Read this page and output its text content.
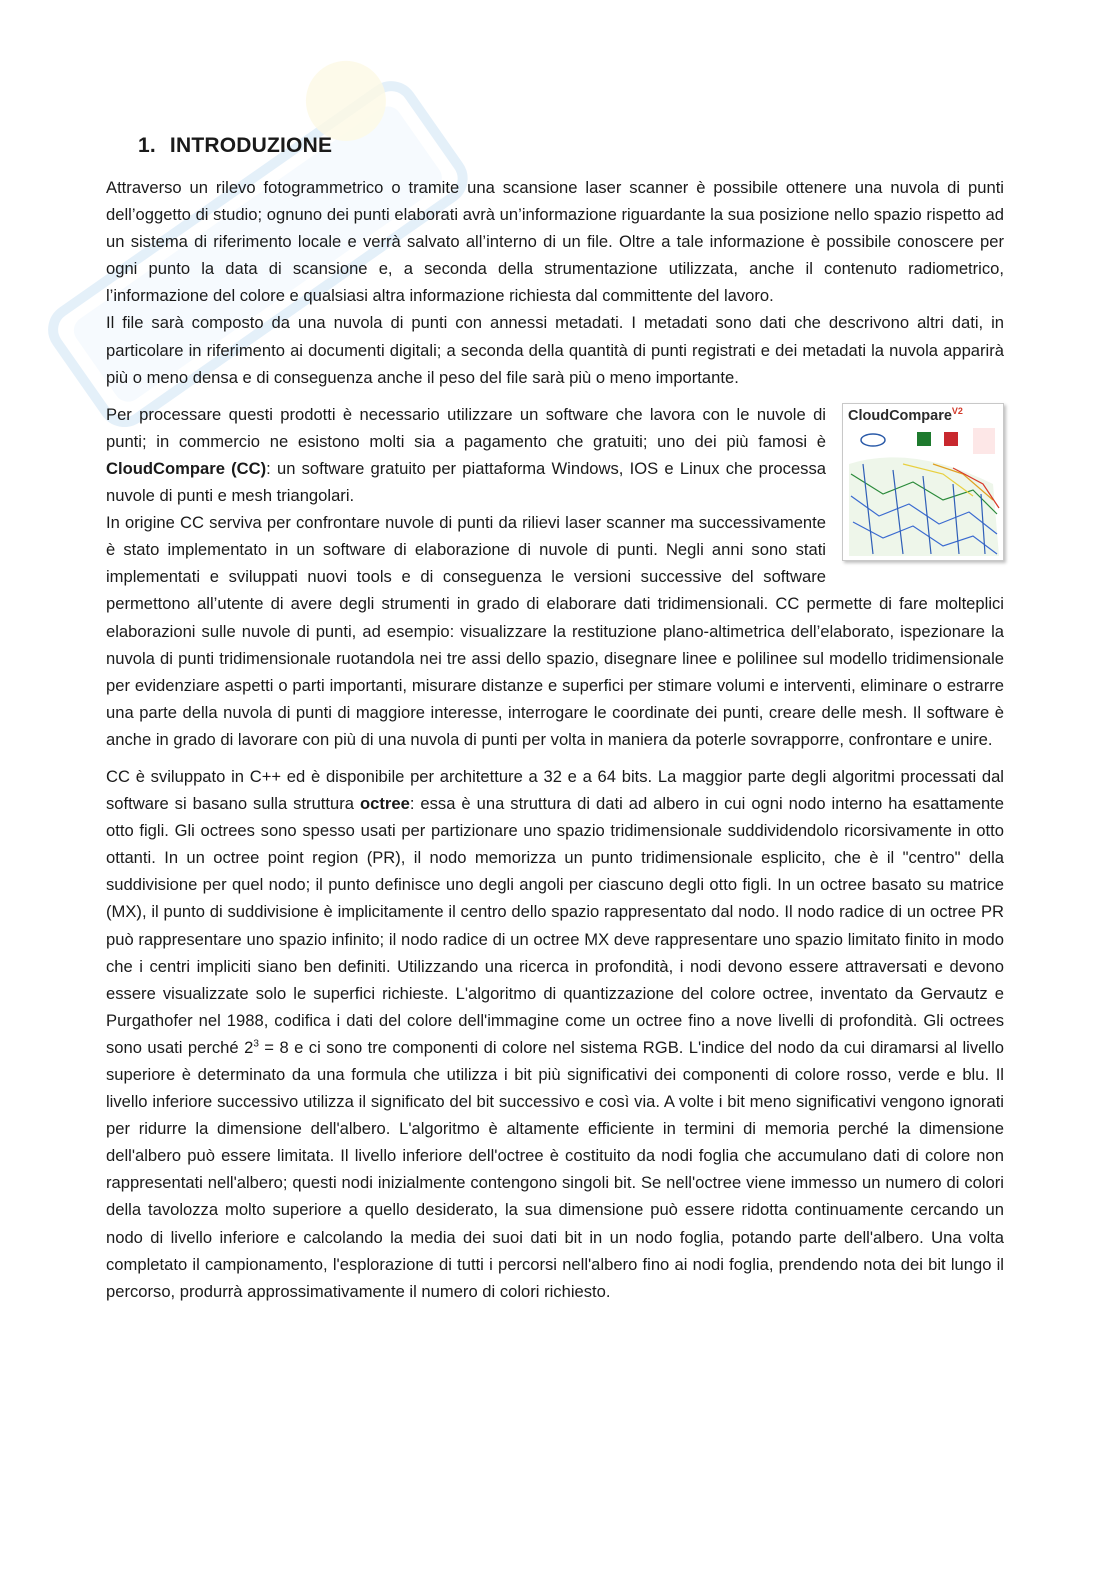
1. INTRODUZIONE

Attraverso un rilevo fotogrammetrico o tramite una scansione laser scanner è possibile ottenere una nuvola di punti dell’oggetto di studio; ognuno dei punti elaborati avrà un’informazione riguardante la sua posizione nello spazio rispetto ad un sistema di riferimento locale e verrà salvato all’interno di un file. Oltre a tale informazione è possibile conoscere per ogni punto la data di scansione e, a seconda della strumentazione utilizzata, anche il contenuto radiometrico, l’informazione del colore e qualsiasi altra informazione richiesta dal committente del lavoro.

Il file sarà composto da una nuvola di punti con annessi metadati. I metadati sono dati che descrivono altri dati, in particolare in riferimento ai documenti digitali; a seconda della quantità di punti registrati e dei metadati la nuvola apparirà più o meno densa e di conseguenza anche il peso del file sarà più o meno importante.

CloudCompare$^{V2}$

Per processare questi prodotti è necessario utilizzare un software che lavora con le nuvole di punti; in commercio ne esistono molti sia a pagamento che gratuiti; uno dei più famosi è CloudCompare (CC): un software gratuito per piattaforma Windows, IOS e Linux che processa nuvole di punti e mesh triangolari.

In origine CC serviva per confrontare nuvole di punti da rilievi laser scanner ma successivamente è stato implementato in un software di elaborazione di nuvole di punti. Negli anni sono stati implementati e sviluppati nuovi tools e di conseguenza le versioni successive del software permettono all’utente di avere degli strumenti in grado di elaborare dati tridimensionali. CC permette di fare molteplici elaborazioni sulle nuvole di punti, ad esempio: visualizzare la restituzione plano-altimetrica dell’elaborato, ispezionare la nuvola di punti tridimensionale ruotandola nei tre assi dello spazio, disegnare linee e polilinee sul modello tridimensionale per evidenziare aspetti o parti importanti, misurare distanze e superfici per stimare volumi e interventi, eliminare o estrarre una parte della nuvola di punti di maggiore interesse, interrogare le coordinate dei punti, creare delle mesh. Il software è anche in grado di lavorare con più di una nuvola di punti per volta in maniera da poterle sovrapporre, confrontare e unire.

CC è sviluppato in C++ ed è disponibile per architetture a 32 e a 64 bits. La maggior parte degli algoritmi processati dal software si basano sulla struttura octree: essa è una struttura di dati ad albero in cui ogni nodo interno ha esattamente otto figli. Gli octrees sono spesso usati per partizionare uno spazio tridimensionale suddividendolo ricorsivamente in otto ottanti. In un octree point region (PR), il nodo memorizza un punto tridimensionale esplicito, che è il "centro" della suddivisione per quel nodo; il punto definisce uno degli angoli per ciascuno degli otto figli. In un octree basato su matrice (MX), il punto di suddivisione è implicitamente il centro dello spazio rappresentato dal nodo. Il nodo radice di un octree PR può rappresentare uno spazio infinito; il nodo radice di un octree MX deve rappresentare uno spazio limitato finito in modo che i centri impliciti siano ben definiti. Utilizzando una ricerca in profondità, i nodi devono essere attraversati e devono essere visualizzate solo le superfici richieste. L'algoritmo di quantizzazione del colore octree, inventato da Gervautz e Purgathofer nel 1988, codifica i dati del colore dell'immagine come un octree fino a nove livelli di profondità. Gli octrees sono usati perché $2^3 = 8$ e ci sono tre componenti di colore nel sistema RGB. L'indice del nodo da cui diramarsi al livello superiore è determinato da una formula che utilizza i bit più significativi dei componenti di colore rosso, verde e blu. Il livello inferiore successivo utilizza il significato del bit successivo e così via. A volte i bit meno significativi vengono ignorati per ridurre la dimensione dell'albero. L'algoritmo è altamente efficiente in termini di memoria perché la dimensione dell'albero può essere limitata. Il livello inferiore dell'octree è costituito da nodi foglia che accumulano dati di colore non rappresentati nell'albero; questi nodi inizialmente contengono singoli bit. Se nell'octree viene immesso un numero di colori della tavolozza molto superiore a quello desiderato, la sua dimensione può essere ridotta continuamente cercando un nodo di livello inferiore e calcolando la media dei suoi dati bit in un nodo foglia, potando parte dell'albero. Una volta completato il campionamento, l'esplorazione di tutti i percorsi nell'albero fino ai nodi foglia, prendendo nota dei bit lungo il percorso, produrrà approssimativamente il numero di colori richiesto.
